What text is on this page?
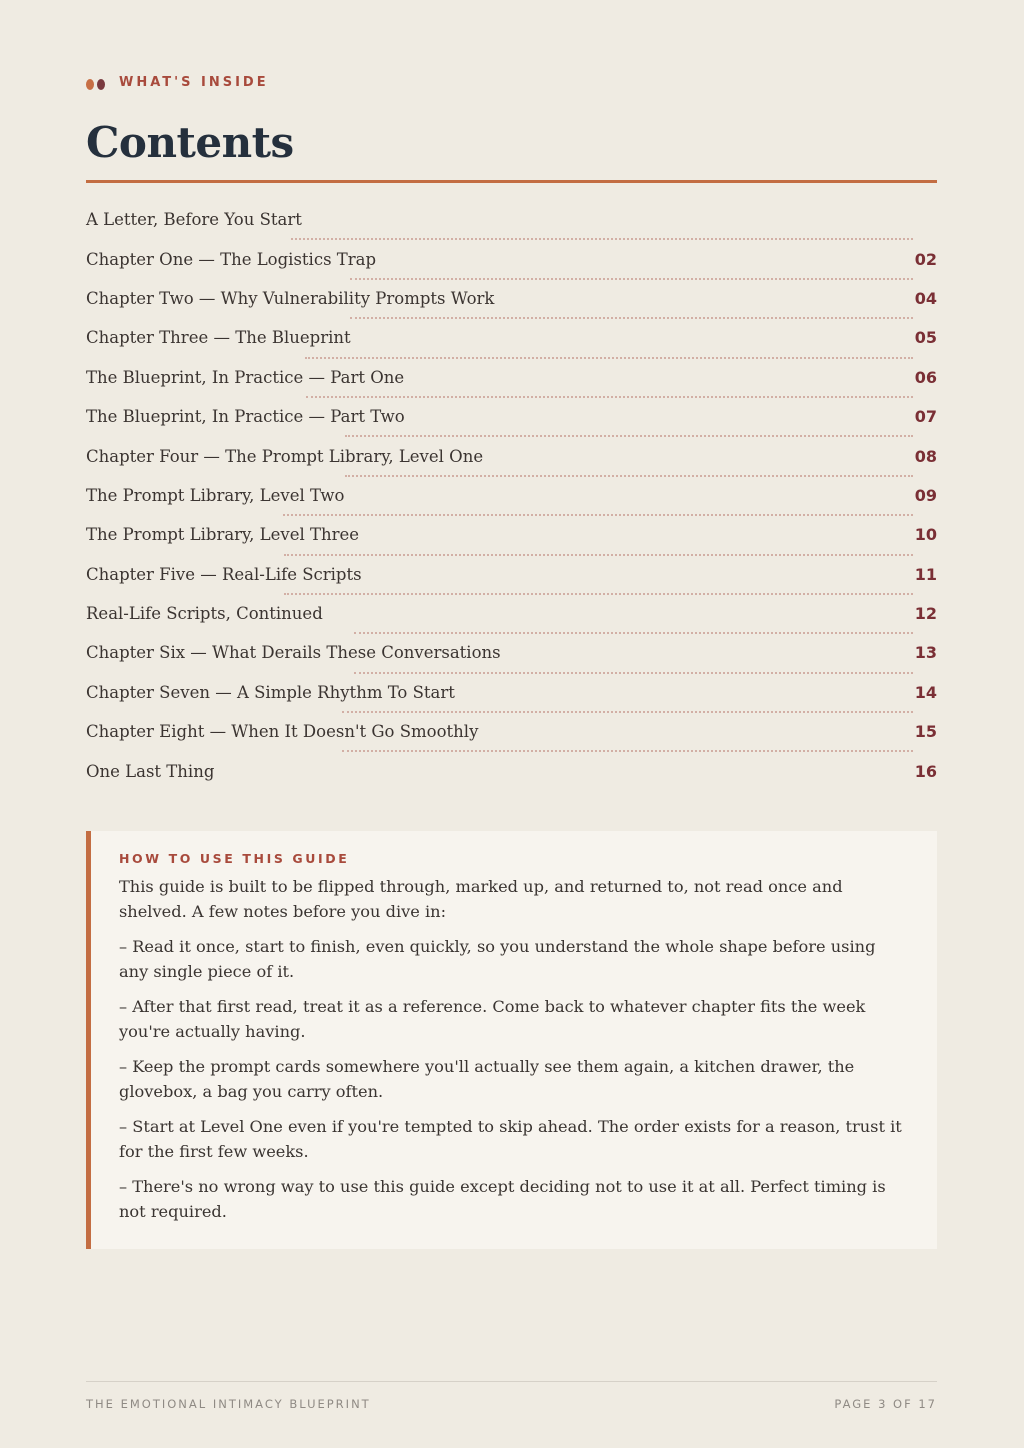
WHAT'S INSIDE
Contents
A Letter, Before You Start
Chapter One — The Logistics Trap	02
Chapter Two — Why Vulnerability Prompts Work	04
Chapter Three — The Blueprint	05
The Blueprint, In Practice — Part One	06
The Blueprint, In Practice — Part Two	07
Chapter Four — The Prompt Library, Level One	08
The Prompt Library, Level Two	09
The Prompt Library, Level Three	10
Chapter Five — Real-Life Scripts	11
Real-Life Scripts, Continued	12
Chapter Six — What Derails These Conversations	13
Chapter Seven — A Simple Rhythm To Start	14
Chapter Eight — When It Doesn't Go Smoothly	15
One Last Thing	16
HOW TO USE THIS GUIDE

This guide is built to be flipped through, marked up, and returned to, not read once and shelved. A few notes before you dive in:

– Read it once, start to finish, even quickly, so you understand the whole shape before using any single piece of it.

– After that first read, treat it as a reference. Come back to whatever chapter fits the week you're actually having.

– Keep the prompt cards somewhere you'll actually see them again, a kitchen drawer, the glovebox, a bag you carry often.

– Start at Level One even if you're tempted to skip ahead. The order exists for a reason, trust it for the first few weeks.

– There's no wrong way to use this guide except deciding not to use it at all. Perfect timing is not required.

THE EMOTIONAL INTIMACY BLUEPRINT	PAGE 3 OF 17
